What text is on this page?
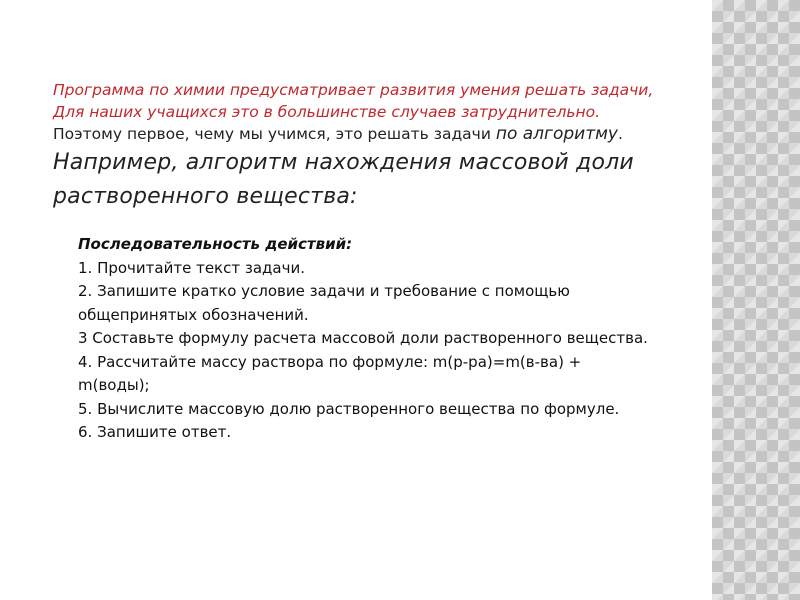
Программа по химии предусматривает развития умения решать задачи,
Для наших учащихся это в большинстве случаев затруднительно.
Поэтому первое, чему мы учимся, это решать задачи по алгоритму.
Например, алгоритм нахождения массовой доли
растворенного вещества:
Последовательность действий:
1. Прочитайте текст задачи.
2. Запишите кратко условие задачи и требование с помощью
общепринятых обозначений.
3 Составьте формулу расчета массовой доли растворенного вещества.
4. Рассчитайте массу раствора по формуле: m(р-ра)=m(в-ва) +
m(воды);
5. Вычислите массовую долю растворенного вещества по формуле.
6. Запишите ответ.
